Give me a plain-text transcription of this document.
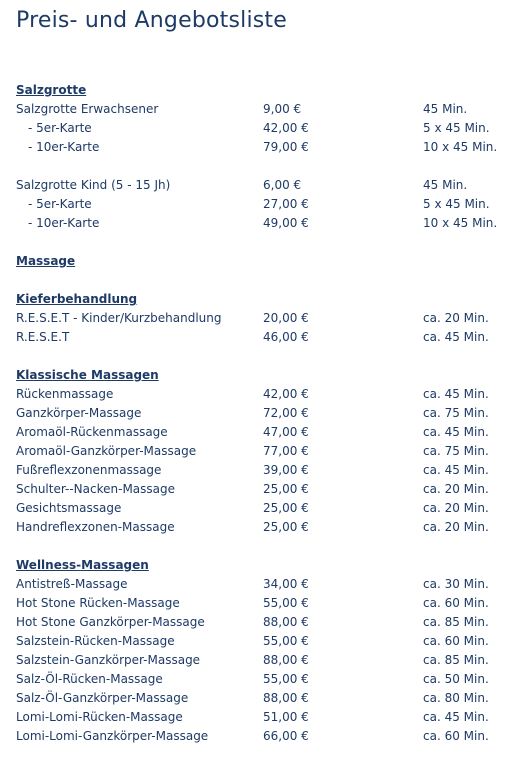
Preis- und Angebotsliste
Salzgrotte
Salzgrotte Erwachsener	9,00 €	45 Min.
- 5er-Karte	42,00 €	5 x 45 Min.
- 10er-Karte	79,00 €	10 x 45 Min.
Salzgrotte Kind (5 - 15 Jh)	6,00 €	45 Min.
- 5er-Karte	27,00 €	5 x 45 Min.
- 10er-Karte	49,00 €	10 x 45 Min.
Massage
Kieferbehandlung
R.E.S.E.T - Kinder/Kurzbehandlung	20,00 €	ca. 20 Min.
R.E.S.E.T	46,00 €	ca. 45 Min.
Klassische Massagen
Rückenmassage	42,00 €	ca. 45 Min.
Ganzkörper-Massage	72,00 €	ca. 75 Min.
Aromaöl-Rückenmassage	47,00 €	ca. 45 Min.
Aromaöl-Ganzkörper-Massage	77,00 €	ca. 75 Min.
Fußreflexzonenmassage	39,00 €	ca. 45 Min.
Schulter--Nacken-Massage	25,00 €	ca. 20 Min.
Gesichtsmassage	25,00 €	ca. 20 Min.
Handreflexzonen-Massage	25,00 €	ca. 20 Min.
Wellness-Massagen
Antistreß-Massage	34,00 €	ca. 30 Min.
Hot Stone Rücken-Massage	55,00 €	ca. 60 Min.
Hot Stone Ganzkörper-Massage	88,00 €	ca. 85 Min.
Salzstein-Rücken-Massage	55,00 €	ca. 60 Min.
Salzstein-Ganzkörper-Massage	88,00 €	ca. 85 Min.
Salz-Öl-Rücken-Massage	55,00 €	ca. 50 Min.
Salz-Öl-Ganzkörper-Massage	88,00 €	ca. 80 Min.
Lomi-Lomi-Rücken-Massage	51,00 €	ca. 45 Min.
Lomi-Lomi-Ganzkörper-Massage	66,00 €	ca. 60 Min.
